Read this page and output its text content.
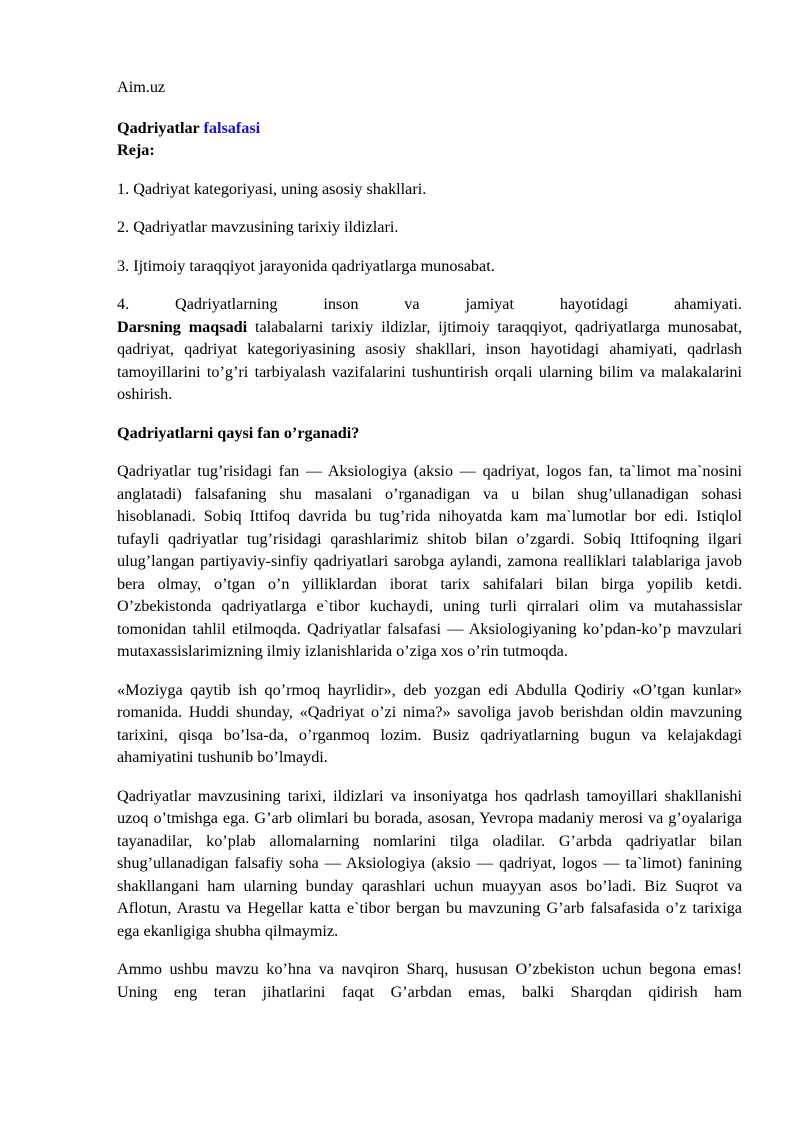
Aim.uz

Qadriyatlar falsafasi

Reja:

1. Qadriyat kategoriyasi, uning asosiy shakllari.

2. Qadriyatlar mavzusining tarixiy ildizlari.

3. Ijtimoiy taraqqiyot jarayonida qadriyatlarga munosabat.

4.	Qadriyatlarning	inson	va	jamiyat	hayotidagi	ahamiyati.

Darsning maqsadi talabalarni tarixiy ildizlar, ijtimoiy taraqqiyot, qadriyatlarga munosabat, qadriyat, qadriyat kategoriyasining asosiy shakllari, inson hayotidagi ahamiyati, qadrlash tamoyillarini to’g’ri tarbiyalash vazifalarini tushuntirish orqali ularning bilim va malakalarini oshirish.

Qadriyatlarni qaysi fan o’rganadi?

Qadriyatlar tug’risidagi fan — Aksiologiya (aksio — qadriyat, logos fan, ta`limot ma`nosini anglatadi) falsafaning shu masalani o’rganadigan va u bilan shug’ullanadigan sohasi hisoblanadi. Sobiq Ittifoq davrida bu tug’rida nihoyatda kam ma`lumotlar bor edi. Istiqlol tufayli qadriyatlar tug’risidagi qarashlarimiz shitob bilan o’zgardi. Sobiq Ittifoqning ilgari ulug’langan partiyaviy-sinfiy qadriyatlari sarobga aylandi, zamona realliklari talablariga javob bera olmay, o’tgan o’n yilliklardan iborat tarix sahifalari bilan birga yopilib ketdi. O’zbekistonda qadriyatlarga e`tibor kuchaydi, uning turli qirralari olim va mutahassislar tomonidan tahlil etilmoqda. Qadriyatlar falsafasi — Aksiologiyaning ko’pdan-ko’p mavzulari mutaxassislarimizning ilmiy izlanishlarida o’ziga xos o’rin tutmoqda.

«Moziyga qaytib ish qo’rmoq hayrlidir», deb yozgan edi Abdulla Qodiriy «O’tgan kunlar» romanida. Huddi shunday, «Qadriyat o’zi nima?» savoliga javob berishdan oldin mavzuning tarixini, qisqa bo’lsa-da, o’rganmoq lozim. Busiz qadriyatlarning bugun va kelajakdagi ahamiyatini tushunib bo’lmaydi.

Qadriyatlar mavzusining tarixi, ildizlari va insoniyatga hos qadrlash tamoyillari shakllanishi uzoq o’tmishga ega. G’arb olimlari bu borada, asosan, Yevropa madaniy merosi va g’oyalariga tayanadilar, ko’plab allomalarning nomlarini tilga oladilar. G’arbda qadriyatlar bilan shug’ullanadigan falsafiy soha — Aksiologiya (aksio — qadriyat, logos — ta`limot) fanining shakllangani ham ularning bunday qarashlari uchun muayyan asos bo’ladi. Biz Suqrot va Aflotun, Arastu va Hegellar katta e`tibor bergan bu mavzuning G’arb falsafasida o’z tarixiga ega ekanligiga shubha qilmaymiz.

Ammo ushbu mavzu ko’hna va navqiron Sharq, hususan O’zbekiston uchun begona emas! Uning eng teran jihatlarini faqat G’arbdan emas, balki Sharqdan qidirish ham
